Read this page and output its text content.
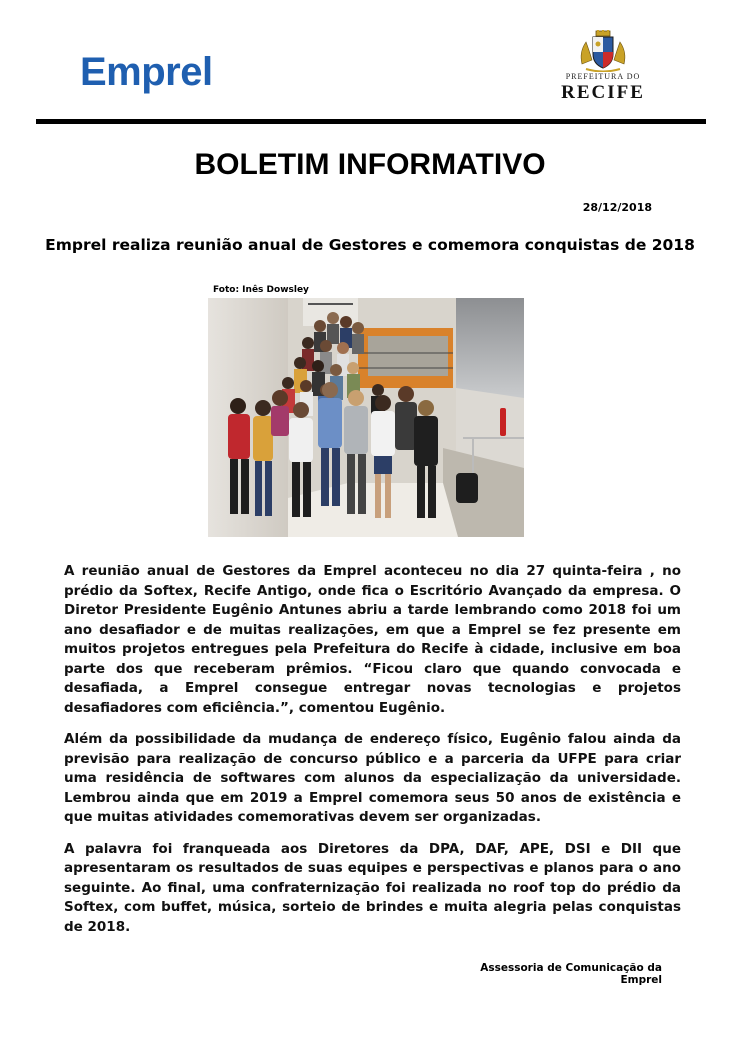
Emprel	PREFEITURA DO
RECIFE
BOLETIM INFORMATIVO
28/12/2018
Emprel realiza reunião anual de Gestores e comemora conquistas de 2018
Foto: Inês Dowsley

A reunião anual de Gestores da Emprel aconteceu no dia 27 quinta-feira , no prédio da Softex, Recife Antigo, onde fica o Escritório Avançado da empresa. O Diretor Presidente Eugênio Antunes abriu a tarde lembrando como 2018 foi um ano desafiador e de muitas realizações, em que a Emprel se fez presente em muitos projetos entregues pela Prefeitura do Recife à cidade, inclusive em boa parte dos que receberam prêmios. “Ficou claro que quando convocada e desafiada, a Emprel consegue entregar novas tecnologias e projetos desafiadores com eficiência.”, comentou Eugênio.

Além da possibilidade da mudança de endereço físico, Eugênio falou ainda da previsão para realização de concurso público e a parceria da UFPE para criar uma residência de softwares com alunos da especialização da universidade. Lembrou ainda que em 2019 a Emprel comemora seus 50 anos de existência e que muitas atividades comemorativas devem ser organizadas.

A palavra foi franqueada aos Diretores da DPA, DAF, APE, DSI e DII que apresentaram os resultados de suas equipes e perspectivas e planos para o ano seguinte. Ao final, uma confraternização foi realizada no roof top do prédio da Softex, com buffet, música, sorteio de brindes e muita alegria pelas conquistas de 2018.

Assessoria de Comunicação da Emprel
